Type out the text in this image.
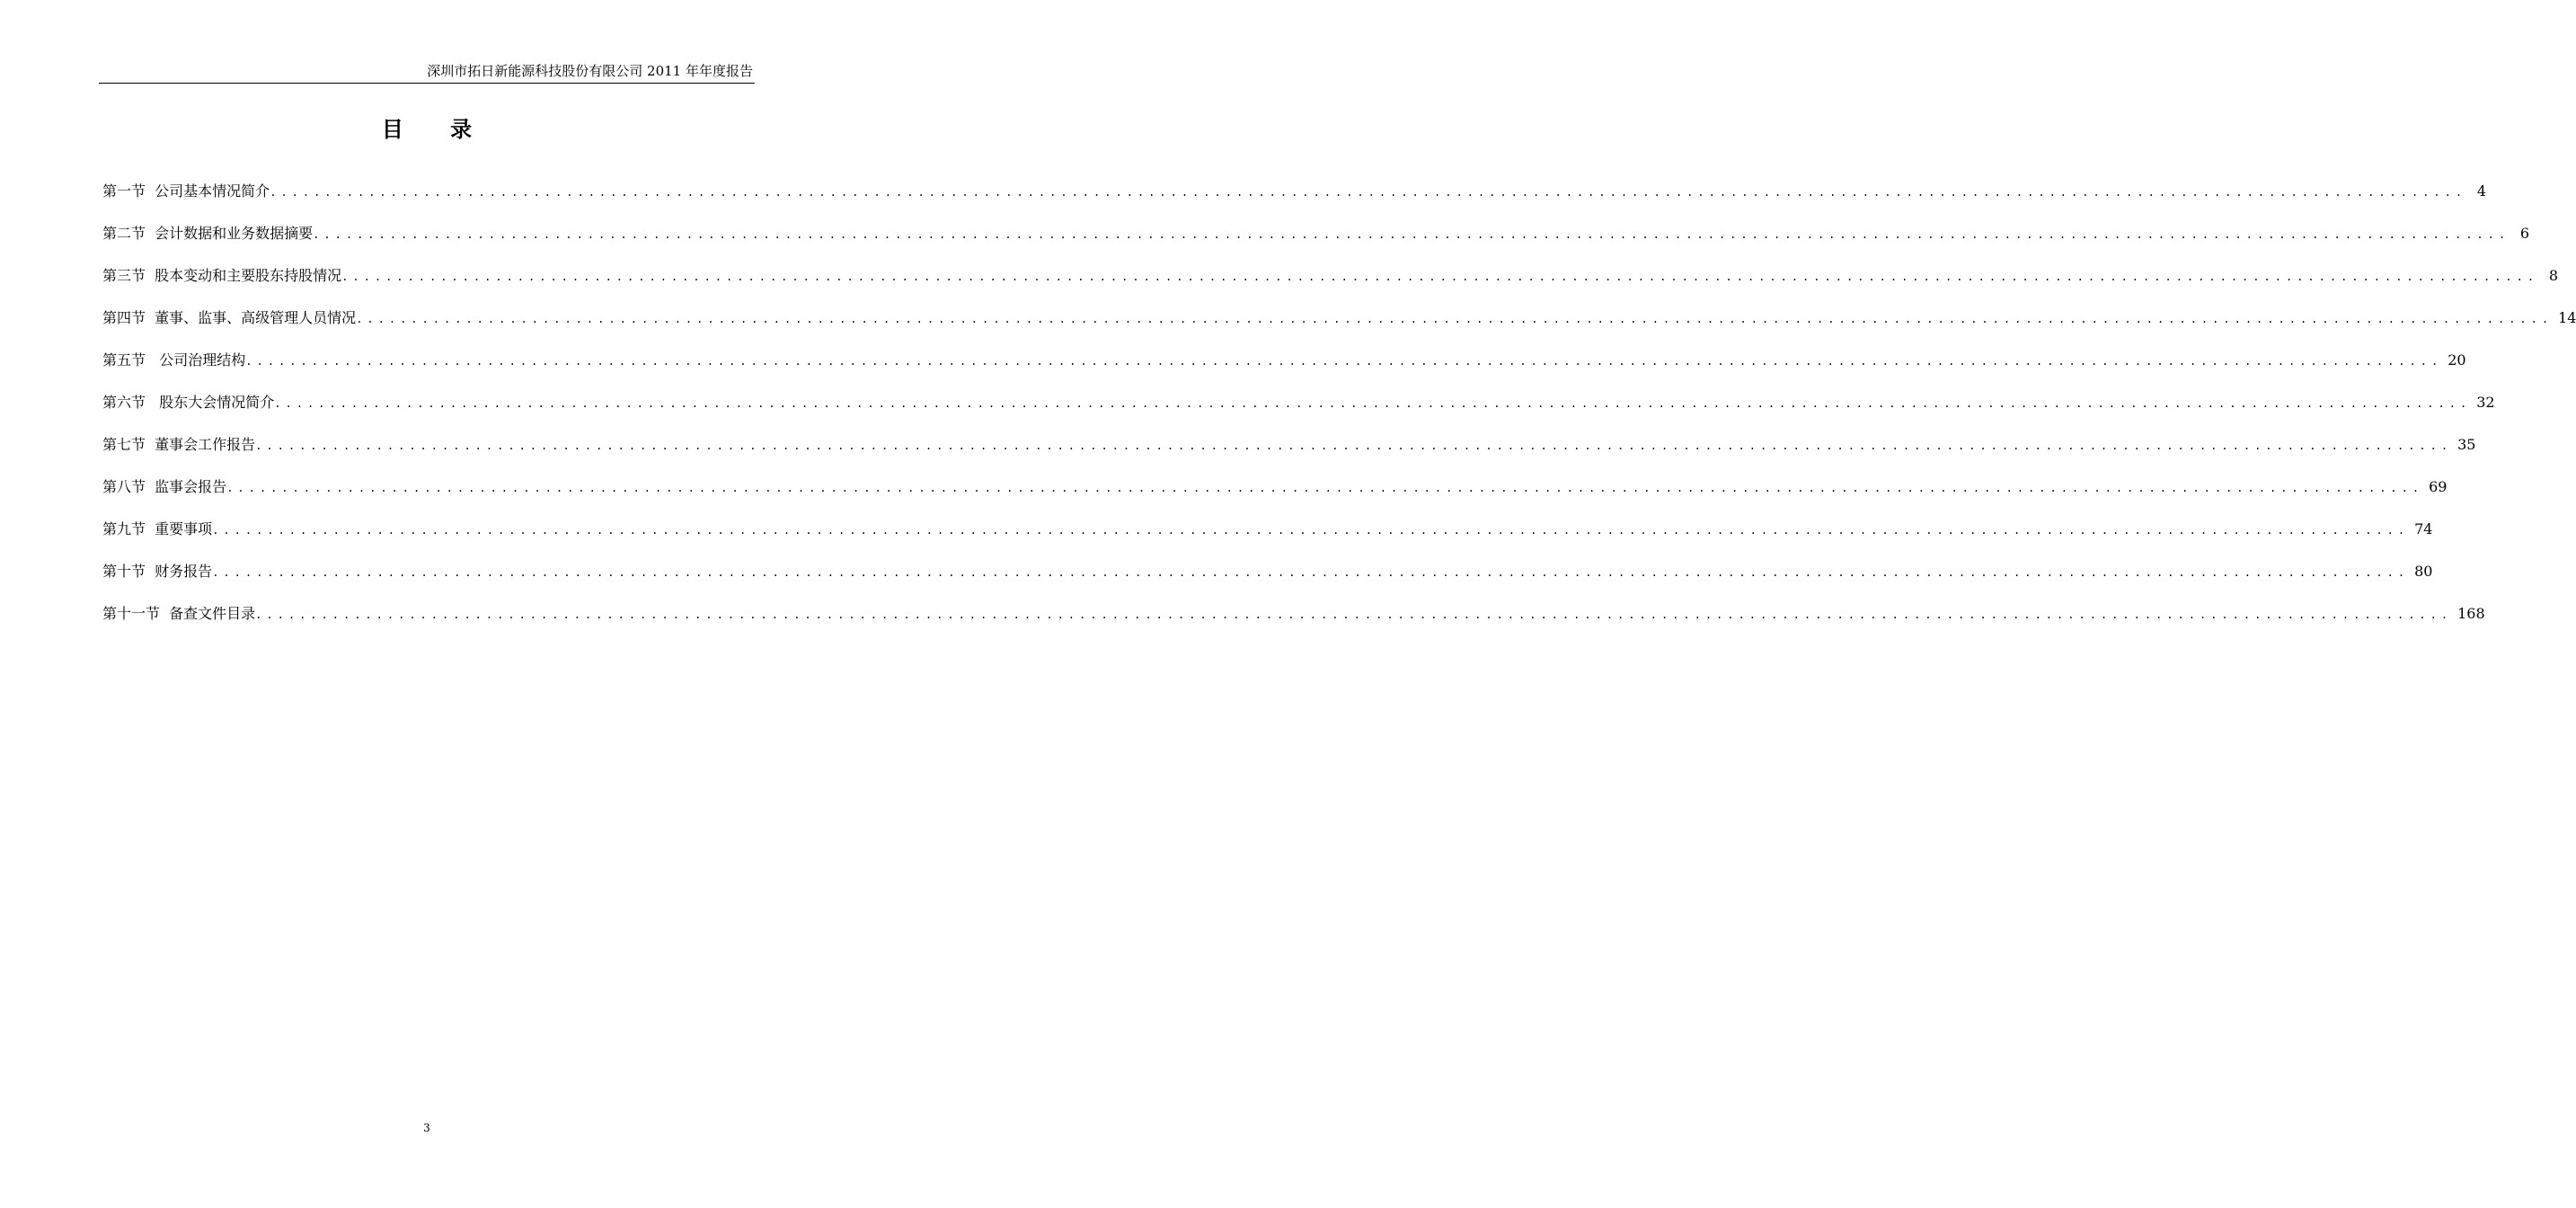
深圳市拓日新能源科技股份有限公司 2011 年年度报告
目 录
第一节  公司基本情况简介 ........................................................................................................................................................................................................ 4
第二节  会计数据和业务数据摘要 ........................................................................................................................................................................................................ 6
第三节  股本变动和主要股东持股情况 ........................................................................................................................................................................................................ 8
第四节  董事、监事、高级管理人员情况 ........................................................................................................................................................................................................ 14
第五节   公司治理结构 ........................................................................................................................................................................................................ 20
第六节   股东大会情况简介 ........................................................................................................................................................................................................ 32
第七节  董事会工作报告 ........................................................................................................................................................................................................ 35
第八节  监事会报告 ........................................................................................................................................................................................................ 69
第九节  重要事项 ........................................................................................................................................................................................................ 74
第十节  财务报告 ........................................................................................................................................................................................................ 80
第十一节  备查文件目录 ........................................................................................................................................................................................................ 168
3
